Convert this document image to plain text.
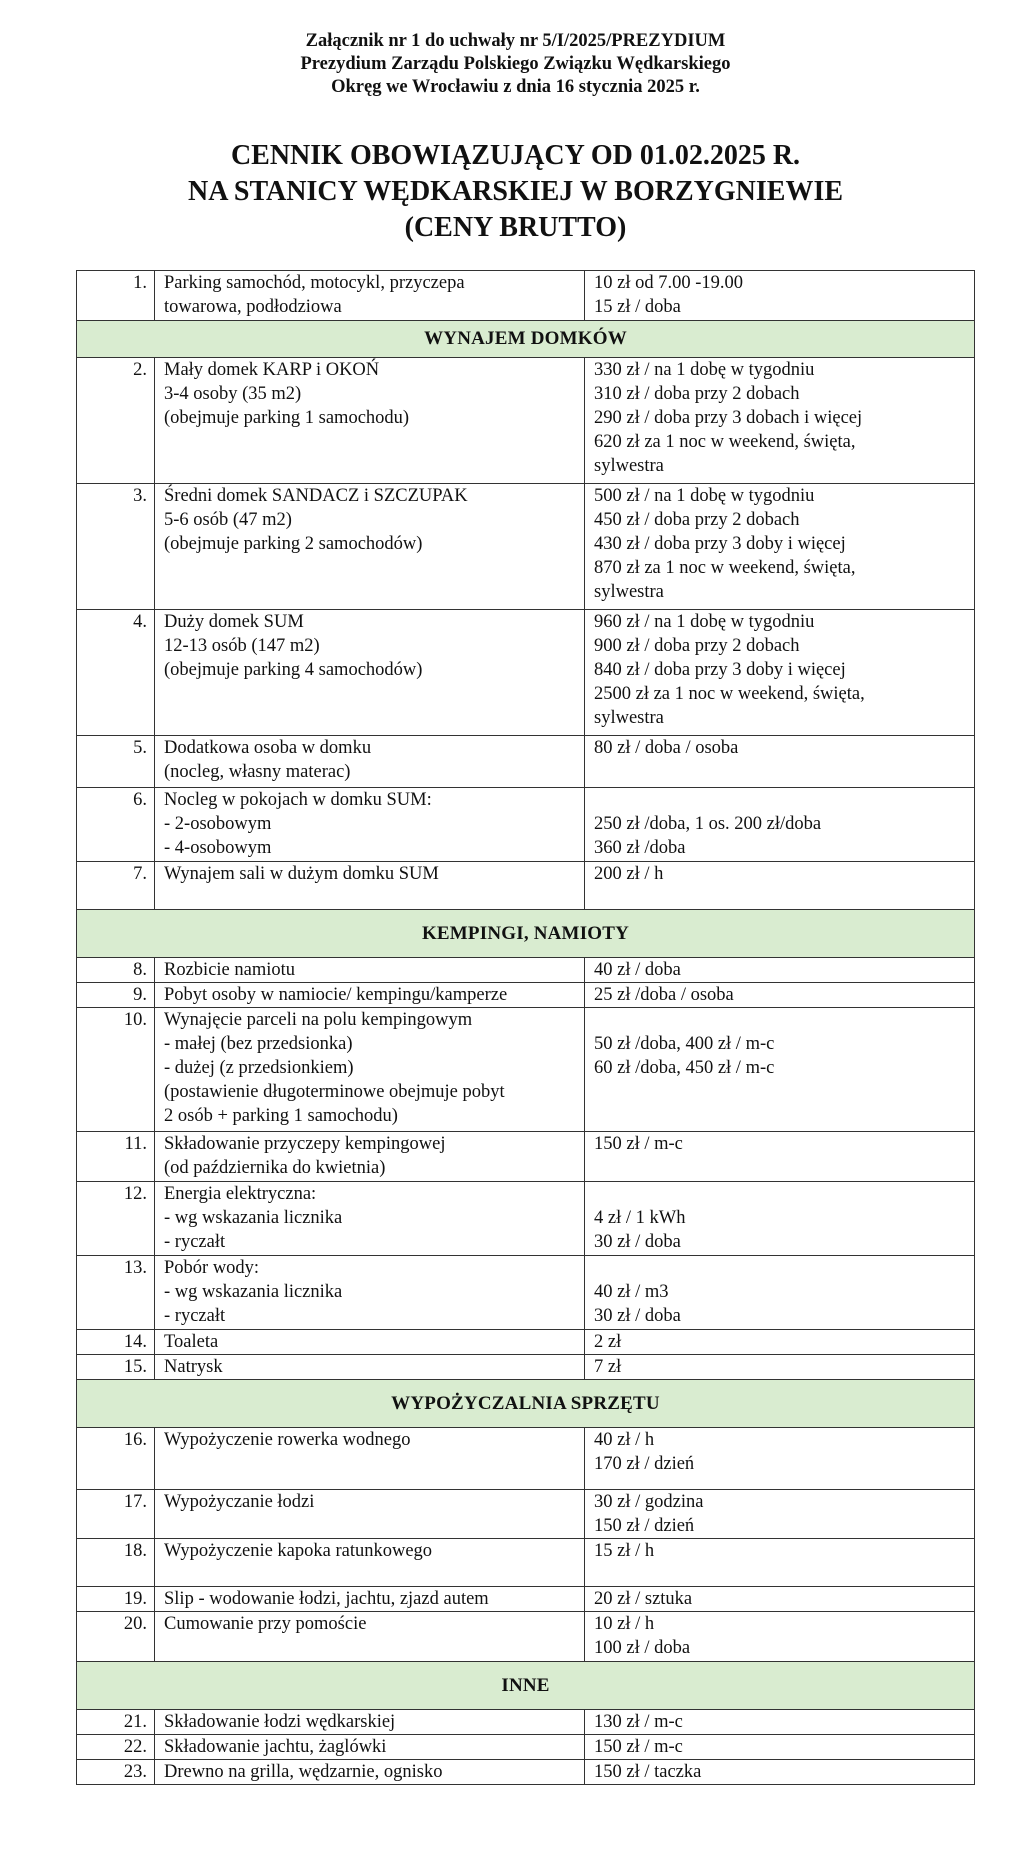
Załącznik nr 1 do uchwały nr 5/I/2025/PREZYDIUM
Prezydium Zarządu Polskiego Związku Wędkarskiego
Okręg we Wrocławiu z dnia 16 stycznia 2025 r.
CENNIK OBOWIĄZUJĄCY OD 01.02.2025 R.
NA STANICY WĘDKARSKIEJ W BORZYGNIEWIE
(CENY BRUTTO)
1.	Parking samochód, motocykl, przyczepa
towarowa, podłodziowa	10 zł od 7.00 -19.00
15 zł / doba

WYNAJEM DOMKÓW		
2.	Mały domek KARP i OKOŃ
3-4 osoby (35 m2)
(obejmuje parking 1 samochodu)	330 zł / na 1 dobę w tygodniu
310 zł / doba przy 2 dobach
290 zł / doba przy 3 dobach i więcej
620 zł za 1 noc w weekend, święta,
sylwestra

3.	Średni domek SANDACZ i SZCZUPAK
5-6 osób (47 m2)
(obejmuje parking 2 samochodów)	500 zł / na 1 dobę w tygodniu
450 zł / doba przy 2 dobach
430 zł / doba przy 3 doby i więcej
870 zł za 1 noc w weekend, święta,
sylwestra

4.	Duży domek SUM
12-13 osób (147 m2)
(obejmuje parking 4 samochodów)	960 zł / na 1 dobę w tygodniu
900 zł / doba przy 2 dobach
840 zł / doba przy 3 doby i więcej
2500 zł za 1 noc w weekend, święta,
sylwestra

5.	Dodatkowa osoba w domku
(nocleg, własny materac)	80 zł / doba / osoba

6.	Nocleg w pokojach w domku SUM:
- 2-osobowym
- 4-osobowym	250 zł /doba, 1 os. 200 zł/doba
360 zł /doba

7.	Wynajem sali w dużym domku SUM	200 zł / h

KEMPINGI, NAMIOTY		
8.	Rozbicie namiotu	40 zł / doba

9.	Pobyt osoby w namiocie/ kempingu/kamperze	25 zł /doba / osoba

10.	Wynajęcie parceli na polu kempingowym
- małej (bez przedsionka)
- dużej (z przedsionkiem)
(postawienie długoterminowe obejmuje pobyt
2 osób + parking 1 samochodu)	50 zł /doba, 400 zł / m-c
60 zł /doba, 450 zł / m-c

11.	Składowanie przyczepy kempingowej
(od października do kwietnia)	150 zł / m-c

12.	Energia elektryczna:
- wg wskazania licznika
- ryczałt	4 zł / 1 kWh
30 zł / doba

13.	Pobór wody:
- wg wskazania licznika
- ryczałt	40 zł / m3
30 zł / doba

14.	Toaleta	2 zł

15.	Natrysk	7 zł

WYPOŻYCZALNIA SPRZĘTU		
16.	Wypożyczenie rowerka wodnego	40 zł / h
170 zł / dzień

17.	Wypożyczanie łodzi	30 zł / godzina
150 zł / dzień

18.	Wypożyczenie kapoka ratunkowego	15 zł / h

19.	Slip - wodowanie łodzi, jachtu, zjazd autem	20 zł / sztuka

20.	Cumowanie przy pomoście	10 zł / h
100 zł / doba

INNE		
21.	Składowanie łodzi wędkarskiej	130 zł / m-c

22.	Składowanie jachtu, żaglówki	150 zł / m-c

23.	Drewno na grilla, wędzarnie, ognisko	150 zł / taczka
